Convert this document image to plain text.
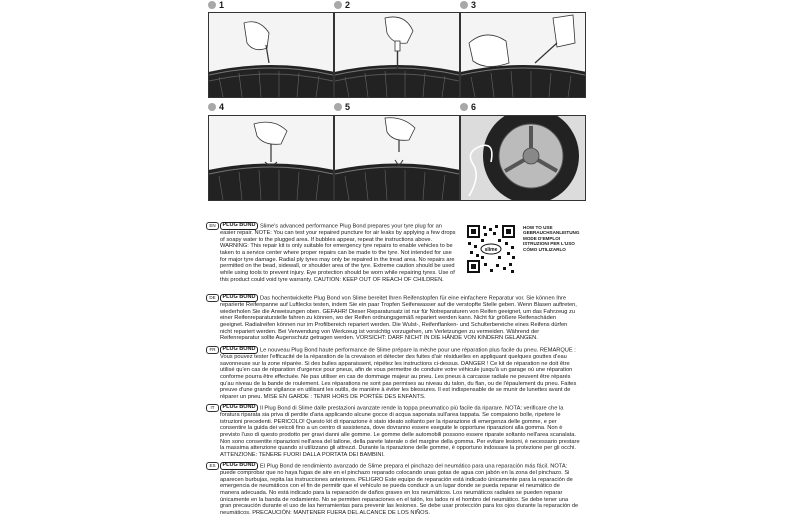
1	2	3
4	5	6
slime
HOW TO USE
GEBRAUCHSANLEITUNG
MODE D'EMPLOI
ISTRUZIONI PER L'USO
CÓMO UTILIZARLO
EN	PLUG BOND Slime's advanced performance Plug Bond prepares your tyre plug for an easier repair. NOTE: You can test your repaired puncture for air leaks by applying a few drops of soapy water to the plugged area. If bubbles appear, repeat the instructions above. WARNING: This repair kit is only suitable for emergency tyre repairs to enable vehicles to be taken to a service center where proper repairs can be made to the tyre. Not intended for use for major tyre damage. Radial ply tyres may only be repaired in the tread area. No repairs are permitted on the bead, sidewall, or shoulder area of the tyre. Extreme caution should be used while using tools to prevent injury. Eye protection should be worn while repairing tyres. Use of this product could void tyre warranty. CAUTION: KEEP OUT OF REACH OF CHILDREN.
DE	PLUG BOND Das hochentwickelte Plug Bond von Slime bereitet Ihren Reifenstopfen für eine einfachere Reparatur vor. Sie können Ihre reparierte Reifenpanne auf Luftlecks testen, indem Sie ein paar Tropfen Seifenwasser auf die verstopfte Stelle geben. Wenn Blasen auftreten, wiederholen Sie die Anweisungen oben. GEFAHR! Dieser Reparatursatz ist nur für Notreparaturen von Reifen geeignet, um das Fahrzeug zu einer Reifenreparaturstelle fahren zu können, wo der Reifen ordnungsgemäß repariert werden kann. Nicht für größere Reifenschäden geeignet. Radialreifen können nur im Profilbereich repariert werden. Die Wulst-, Reifenflanken- und Schulterbereiche eines Reifens dürfen nicht repariert werden. Bei Verwendung von Werkzeug ist vorsichtig vorzugehen, um Verletzungen zu vermeiden. Während der Reifenreparatur sollte Augenschutz getragen werden. VORSICHT: DARF NICHT IN DIE HÄNDE VON KINDERN GELANGEN.
FR	PLUG BOND Le nouveau Plug Bond haute performance de Slime prépare la mèche pour une réparation plus facile du pneu. REMARQUE : Vous pouvez tester l'efficacité de la réparation de la crevaison et détecter des fuites d'air résiduelles en appliquant quelques gouttes d'eau savonneuse sur la zone réparée. Si des bulles apparaissent, répétez les instructions ci-dessus. DANGER ! Ce kit de réparation ne doit être utilisé qu'en cas de réparation d'urgence pour pneus, afin de vous permettre de conduire votre véhicule jusqu'à un garage où une réparation conforme pourra être effectuée. Ne pas utiliser en cas de dommage majeur au pneu. Les pneus à carcasse radiale ne peuvent être réparés qu'au niveau de la bande de roulement. Les réparations ne sont pas permises au niveau du talon, du flan, ou de l'épaulement du pneu. Faites preuve d'une grande vigilance en utilisant les outils, de manière à éviter les blessures. Il est indispensable de se munir de lunettes avant de réparer un pneu. MISE EN GARDE : TENIR HORS DE PORTÉE DES ENFANTS.
IT	PLUG BOND Il Plug Bond di Slime dalle prestazioni avanzate rende la toppa pneumatico più facile da riparare. NOTA: verificare che la foratura riparata sia priva di perdite d'aria applicando alcune gocce di acqua saponata sull'area tappata. Se compaiono bolle, ripetere le istruzioni precedenti. PERICOLO! Questo kit di riparazione è stato ideato soltanto per la riparazione di emergenza delle gomme, e per consentire la guida dei veicoli fino a un centro di assistenza, dove dovranno essere eseguite le opportune riparazioni alla gomma. Non è previsto l'uso di questo prodotto per gravi danni alle gomme. Le gomme delle automobili possono essere riparate soltanto nell'area scanalata. Non sono consentite riparazioni nell'area del tallone, della parete laterale o del margine della gomma. Per evitare lesioni, è necessario prestare la massima attenzione quando si utilizzano gli attrezzi. Durante la riparazione delle gomme, è opportuno indossare la protezione per gli occhi. ATTENZIONE: TENERE FUORI DALLA PORTATA DEI BAMBINI.
ES	PLUG BOND El Plug Bond de rendimiento avanzado de Slime prepara el pinchazo del neumático para una reparación más fácil. NOTA: puede comprobar que no haya fugas de aire en el pinchazo reparado colocando unas gotas de agua con jabón en la zona del pinchazo. Si aparecen burbujas, repita las instrucciones anteriores. PELIGRO Este equipo de reparación está indicado únicamente para la reparación de emergencia de neumáticos con el fin de permitir que el vehículo se pueda conducir a un lugar donde se pueda reparar el neumático de manera adecuada. No está indicado para la reparación de daños graves en los neumáticos. Los neumáticos radiales se pueden reparar únicamente en la banda de rodamiento. No se permiten reparaciones en el talón, los lados ni el hombro del neumático. Se debe tener una gran precaución durante el uso de las herramientas para prevenir las lesiones. Se debe usar protección para los ojos durante la reparación de neumáticos. PRECAUCIÓN: MANTENER FUERA DEL ALCANCE DE LOS NIÑOS.
